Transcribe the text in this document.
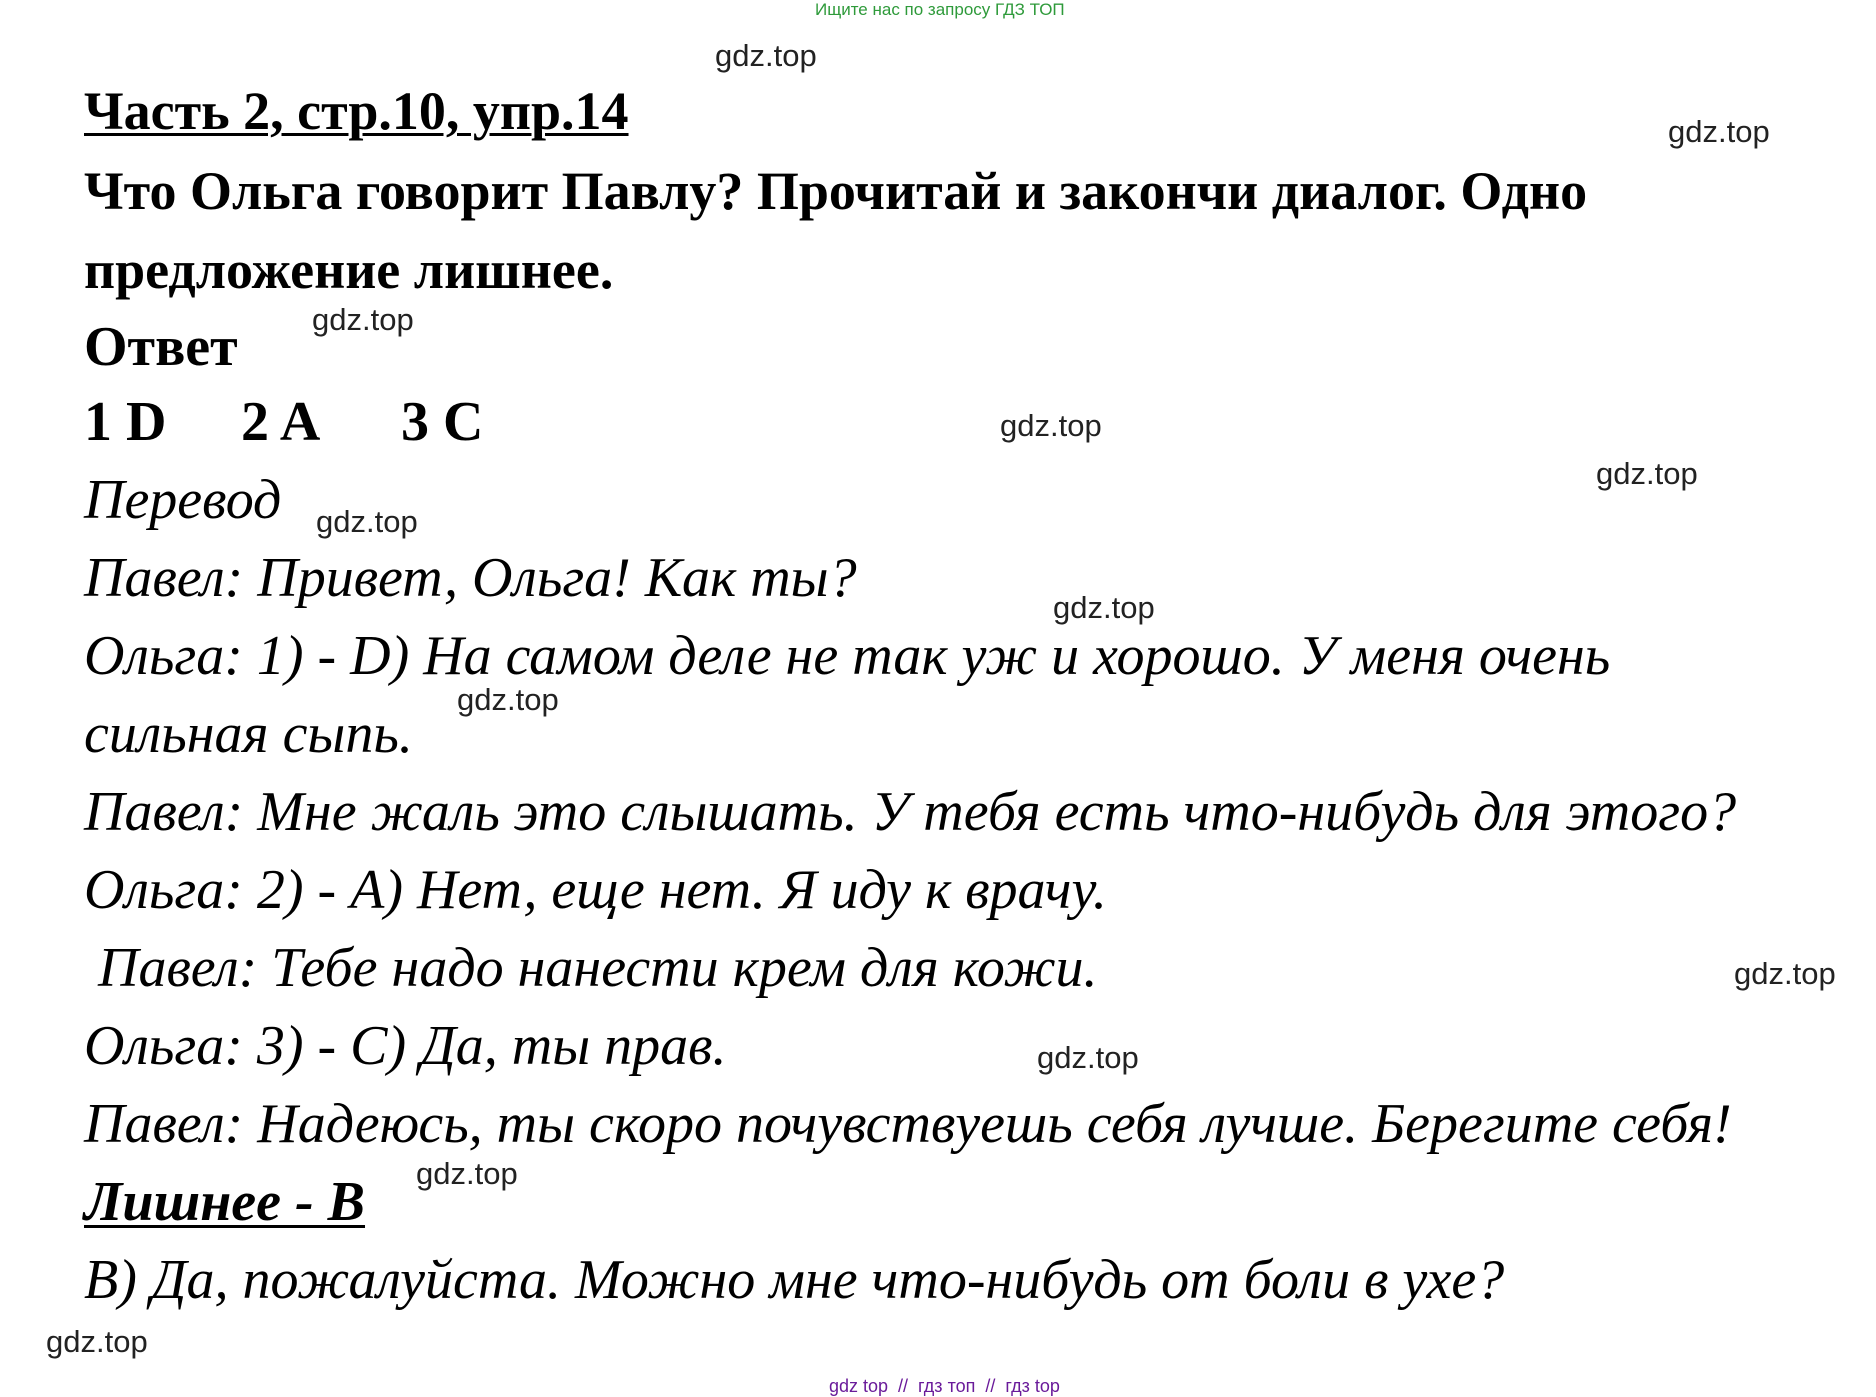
Ищите нас по запросу ГДЗ ТОП
Часть 2, стр.10, упр.14
Что Ольга говорит Павлу? Прочитай и закончи диалог. Одно
предложение лишнее.
Ответ
1 D 2 A 3 C
Перевод
Павел: Привет, Ольга! Как ты?
Ольга: 1) - D) На самом деле не так уж и хорошо. У меня очень
сильная сыпь.
Павел: Мне жаль это слышать. У тебя есть что-нибудь для этого?
Ольга: 2) - A) Нет, еще нет. Я иду к врачу.
Павел: Тебе надо нанести крем для кожи.
Ольга: 3) - C) Да, ты прав.
Павел: Надеюсь, ты скоро почувствуешь себя лучше. Берегите себя!
Лишнее - B
B) Да, пожалуйста. Можно мне что-нибудь от боли в ухе?
gdz.top
gdz.top
gdz.top
gdz.top
gdz.top
gdz.top
gdz.top
gdz.top
gdz.top
gdz.top
gdz.top
gdz.top
gdz top  //  гдз топ  //  гдз top
